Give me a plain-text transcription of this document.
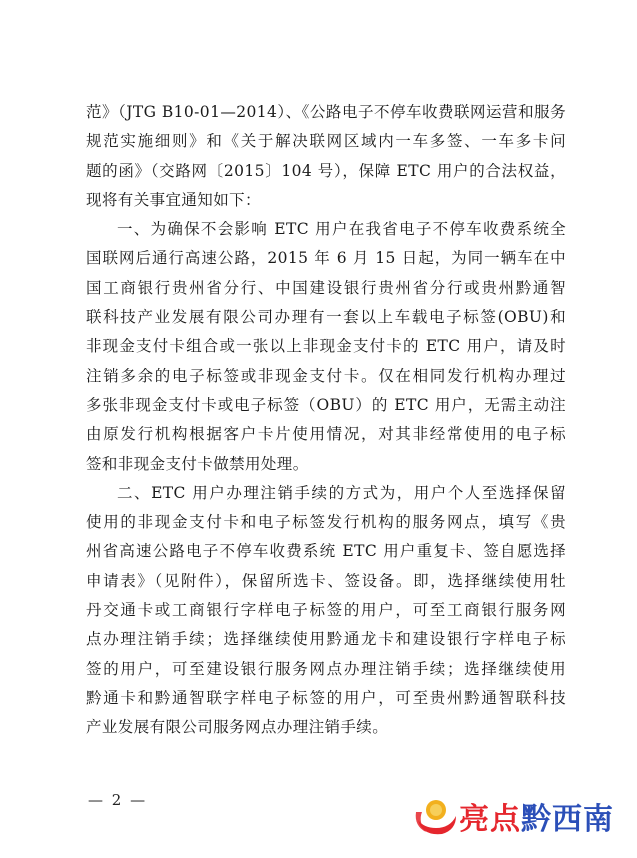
范》（JTG B10-01—2014）、《公路电子不停车收费联网运营和服务
规范实施细则》和《关于解决联网区域内一车多签、一车多卡问
题的函》（交路网〔2015〕104 号），保障 ETC 用户的合法权益，
现将有关事宜通知如下：
一、为确保不会影响 ETC 用户在我省电子不停车收费系统全
国联网后通行高速公路，2015 年 6 月 15 日起，为同一辆车在中
国工商银行贵州省分行、中国建设银行贵州省分行或贵州黔通智
联科技产业发展有限公司办理有一套以上车载电子标签(OBU)和
非现金支付卡组合或一张以上非现金支付卡的 ETC 用户，请及时
注销多余的电子标签或非现金支付卡。仅在相同发行机构办理过
多张非现金支付卡或电子标签（OBU）的 ETC 用户，无需主动注
由原发行机构根据客户卡片使用情况，对其非经常使用的电子标
签和非现金支付卡做禁用处理。
二、ETC 用户办理注销手续的方式为，用户个人至选择保留
使用的非现金支付卡和电子标签发行机构的服务网点，填写《贵
州省高速公路电子不停车收费系统 ETC 用户重复卡、签自愿选择
申请表》（见附件），保留所选卡、签设备。即，选择继续使用牡
丹交通卡或工商银行字样电子标签的用户，可至工商银行服务网
点办理注销手续；选择继续使用黔通龙卡和建设银行字样电子标
签的用户，可至建设银行服务网点办理注销手续；选择继续使用
黔通卡和黔通智联字样电子标签的用户，可至贵州黔通智联科技
产业发展有限公司服务网点办理注销手续。
— 2 —
亮点黔西南
